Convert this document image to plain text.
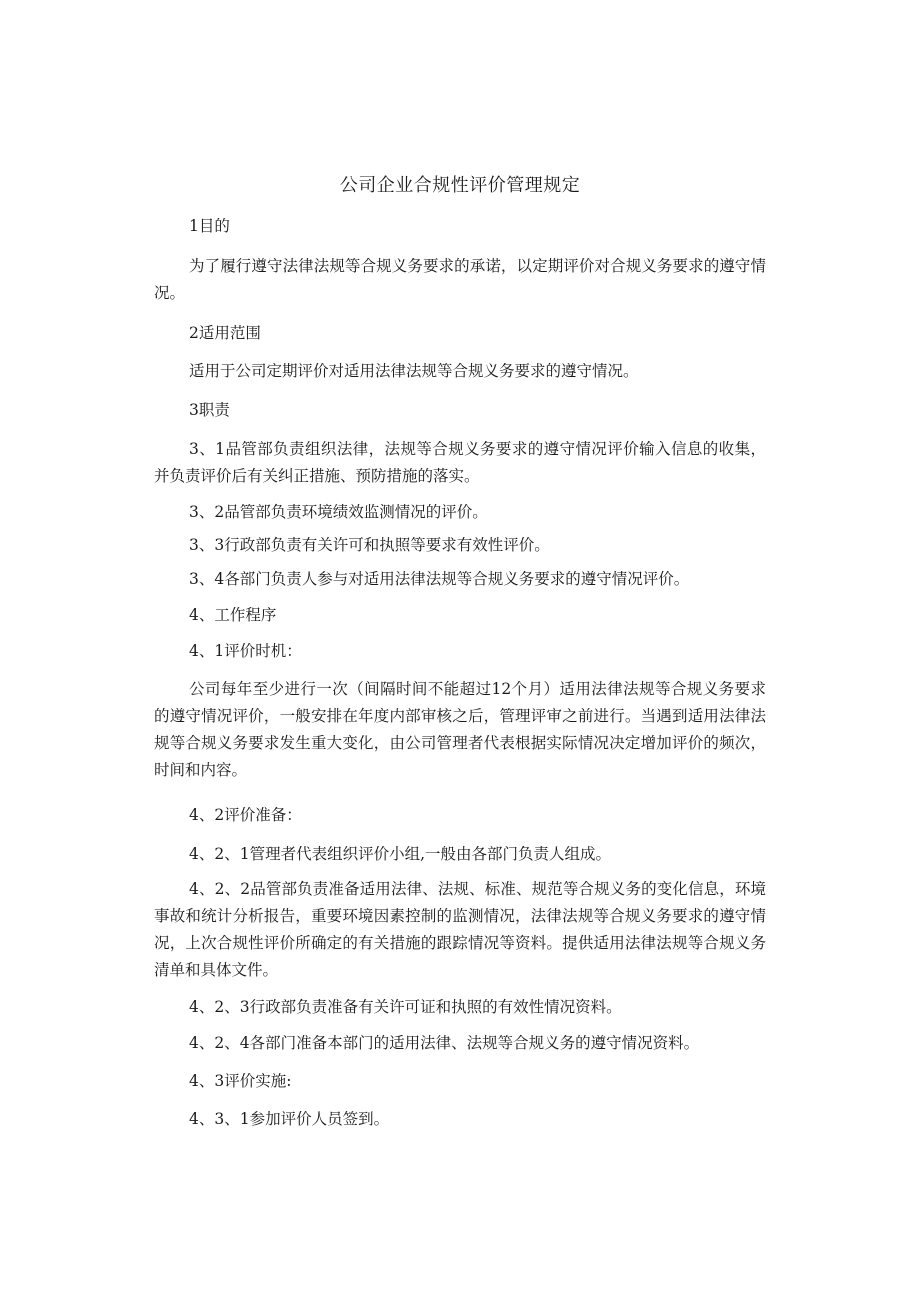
公司企业合规性评价管理规定

1目的

为了履行遵守法律法规等合规义务要求的承诺，以定期评价对合规义务要求的遵守情况。

2适用范围

适用于公司定期评价对适用法律法规等合规义务要求的遵守情况。

3职责

3、1品管部负责组织法律，法规等合规义务要求的遵守情况评价输入信息的收集，并负责评价后有关纠正措施、预防措施的落实。

3、2品管部负责环境绩效监测情况的评价。

3、3行政部负责有关许可和执照等要求有效性评价。

3、4各部门负责人参与对适用法律法规等合规义务要求的遵守情况评价。

4、工作程序

4、1评价时机：

公司每年至少进行一次（间隔时间不能超过12个月）适用法律法规等合规义务要求的遵守情况评价，一般安排在年度内部审核之后，管理评审之前进行。当遇到适用法律法规等合规义务要求发生重大变化，由公司管理者代表根据实际情况决定增加评价的频次，时间和内容。

4、2评价准备：

4、2、1管理者代表组织评价小组,一般由各部门负责人组成。

4、2、2品管部负责准备适用法律、法规、标准、规范等合规义务的变化信息，环境事故和统计分析报告，重要环境因素控制的监测情况，法律法规等合规义务要求的遵守情况，上次合规性评价所确定的有关措施的跟踪情况等资料。提供适用法律法规等合规义务清单和具体文件。

4、2、3行政部负责准备有关许可证和执照的有效性情况资料。

4、2、4各部门准备本部门的适用法律、法规等合规义务的遵守情况资料。

4、3评价实施:

4、3、1参加评价人员签到。
